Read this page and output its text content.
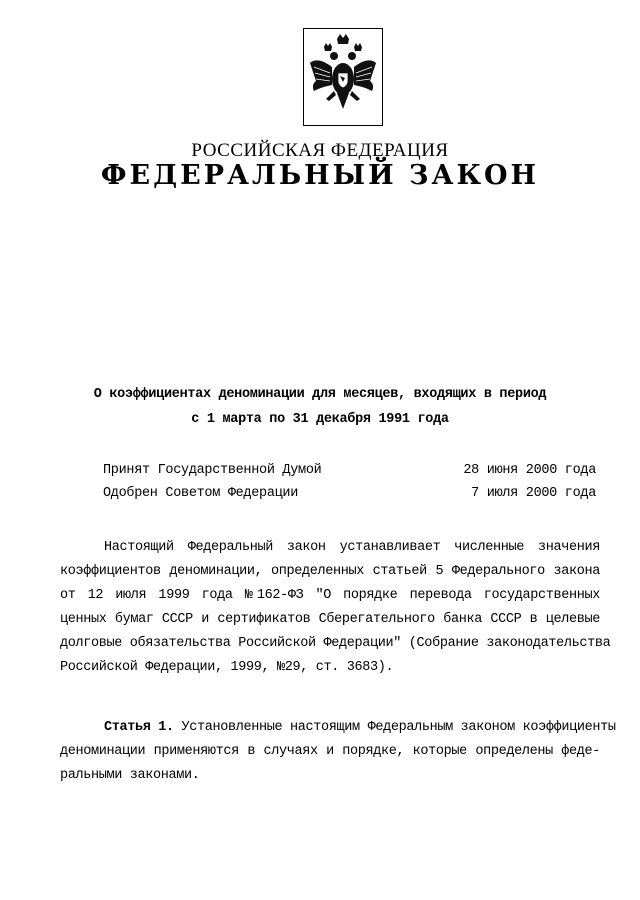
РОССИЙСКАЯ ФЕДЕРАЦИЯ
ФЕДЕРАЛЬНЫЙ ЗАКОН
О коэффициентах деноминации для месяцев, входящих в период
с 1 марта по 31 декабря 1991 года
Принят Государственной Думой	28 июня 2000 года
Одобрен Советом Федерации	7 июля 2000 года
Настоящий Федеральный закон устанавливает численные значения
коэффициентов деноминации, определенных статьей 5 Федерального закона
от 12 июля 1999 года №162-ФЗ "О порядке перевода государственных
ценных бумаг СССР и сертификатов Сберегательного банка СССР в целевые
долговые обязательства Российской Федерации" (Собрание законодательства
Российской Федерации, 1999, №29, ст. 3683).
Статья 1. Установленные настоящим Федеральным законом коэффициенты
деноминации применяются в случаях и порядке, которые определены феде-
ральными законами.
